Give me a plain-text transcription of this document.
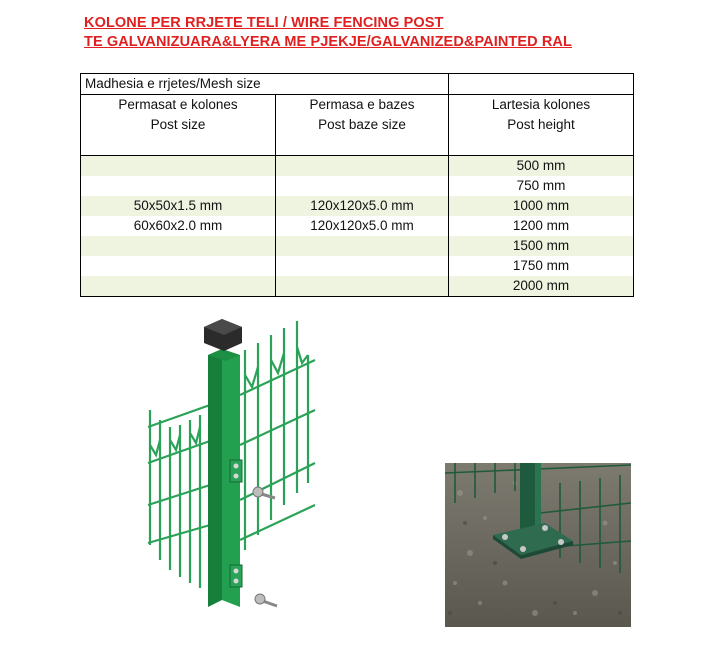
KOLONE PER RRJETE TELI / WIRE FENCING POST
TE GALVANIZUARA&LYERA ME PJEKJE/GALVANIZED&PAINTED RAL
Madhesia e rrjetes/Mesh size		
Permasat e kolones	Permasa e bazes	Lartesia kolones
Post size	Post baze size	Post height

		500 mm
		750 mm
50x50x1.5 mm	120x120x5.0 mm	1000 mm
60x60x2.0 mm	120x120x5.0 mm	1200 mm
		1500 mm
		1750 mm
		2000 mm
